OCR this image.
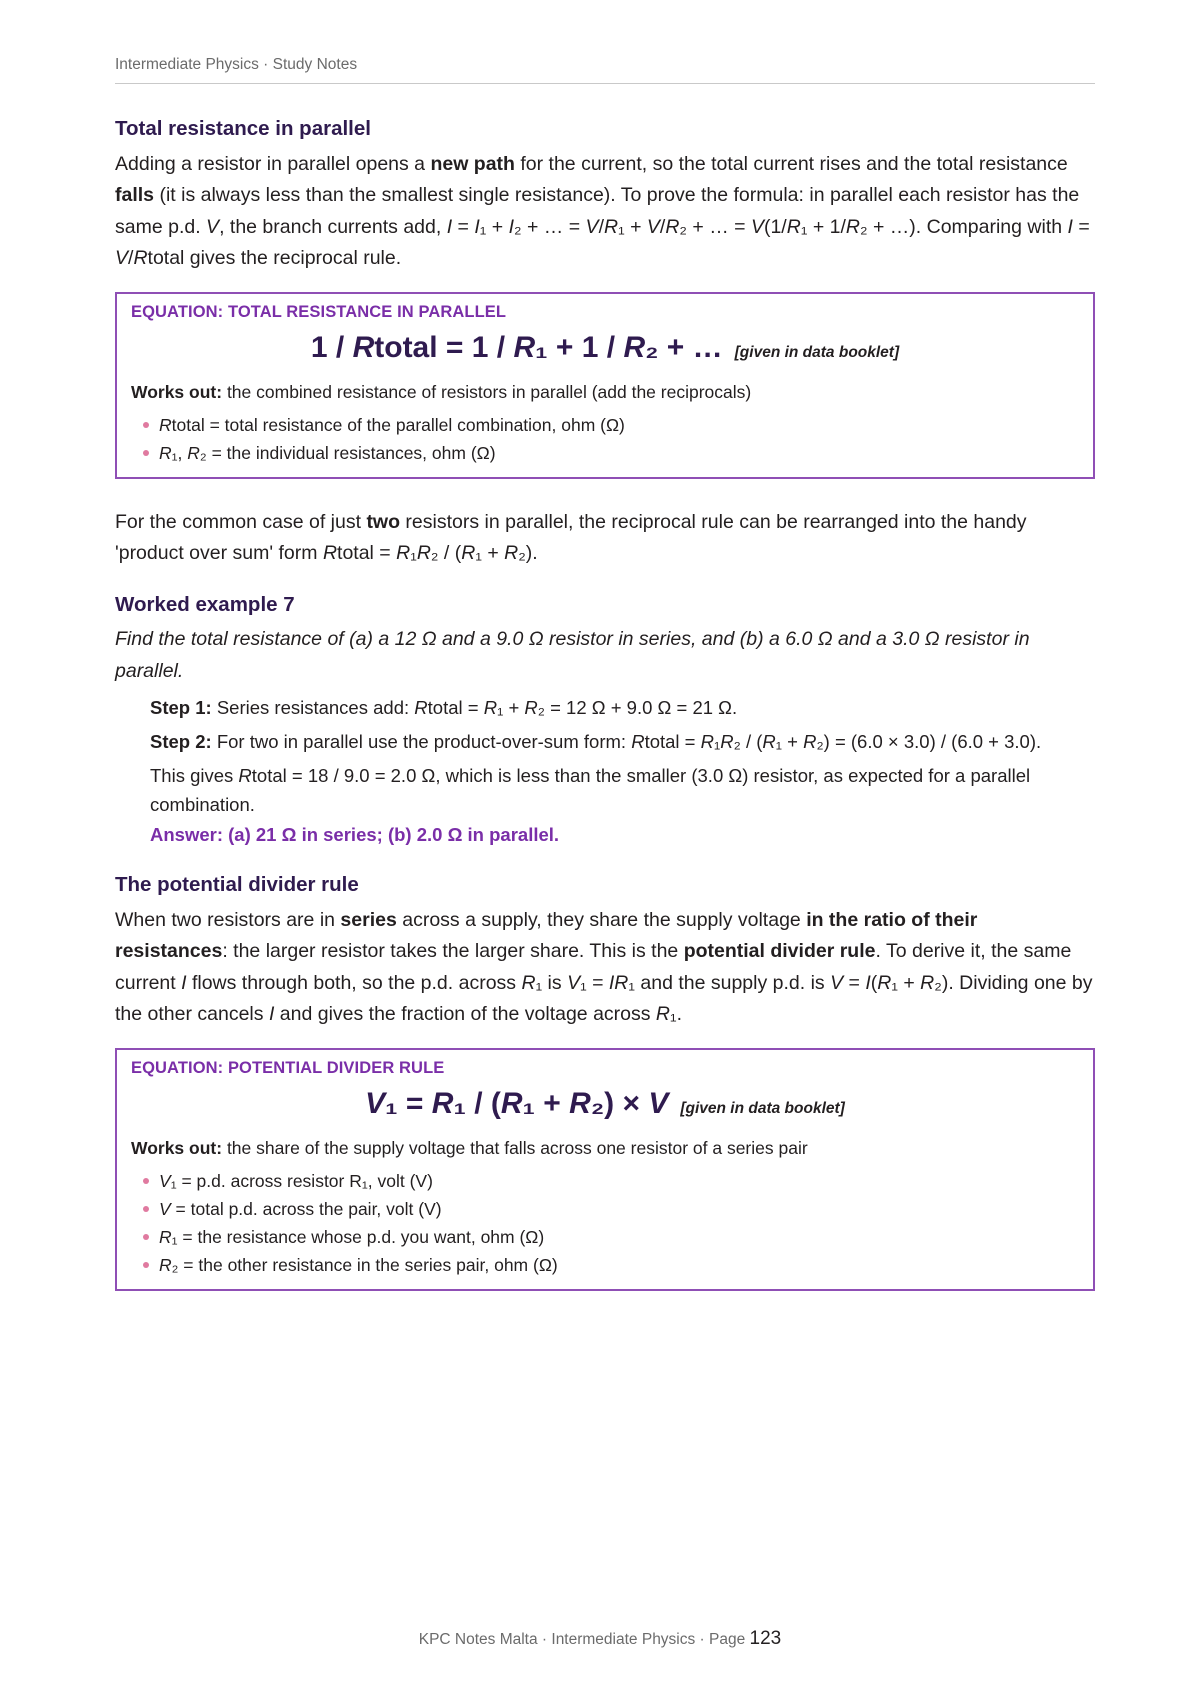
Intermediate Physics · Study Notes
Total resistance in parallel

Adding a resistor in parallel opens a new path for the current, so the total current rises and the total resistance falls (it is always less than the smallest single resistance). To prove the formula: in parallel each resistor has the same p.d. V, the branch currents add, I = I₁ + I₂ + … = V/R₁ + V/R₂ + … = V(1/R₁ + 1/R₂ + …). Comparing with I = V/Rtotal gives the reciprocal rule.

EQUATION: TOTAL RESISTANCE IN PARALLEL
1 / Rtotal = 1 / R₁ + 1 / R₂ + … [given in data booklet]
Works out: the combined resistance of resistors in parallel (add the reciprocals)
Rtotal = total resistance of the parallel combination, ohm (Ω)
R₁, R₂ = the individual resistances, ohm (Ω)

For the common case of just two resistors in parallel, the reciprocal rule can be rearranged into the handy 'product over sum' form Rtotal = R₁R₂ / (R₁ + R₂).

Worked example 7

Find the total resistance of (a) a 12 Ω and a 9.0 Ω resistor in series, and (b) a 6.0 Ω and a 3.0 Ω resistor in parallel.

Step 1: Series resistances add: Rtotal = R₁ + R₂ = 12 Ω + 9.0 Ω = 21 Ω.
Step 2: For two in parallel use the product-over-sum form: Rtotal = R₁R₂ / (R₁ + R₂) = (6.0 × 3.0) / (6.0 + 3.0).
This gives Rtotal = 18 / 9.0 = 2.0 Ω, which is less than the smaller (3.0 Ω) resistor, as expected for a parallel combination.
Answer: (a) 21 Ω in series; (b) 2.0 Ω in parallel.
The potential divider rule

When two resistors are in series across a supply, they share the supply voltage in the ratio of their resistances: the larger resistor takes the larger share. This is the potential divider rule. To derive it, the same current I flows through both, so the p.d. across R₁ is V₁ = IR₁ and the supply p.d. is V = I(R₁ + R₂). Dividing one by the other cancels I and gives the fraction of the voltage across R₁.

EQUATION: POTENTIAL DIVIDER RULE
V₁ = R₁ / (R₁ + R₂) × V [given in data booklet]
Works out: the share of the supply voltage that falls across one resistor of a series pair
V₁ = p.d. across resistor R₁, volt (V)
V = total p.d. across the pair, volt (V)
R₁ = the resistance whose p.d. you want, ohm (Ω)
R₂ = the other resistance in the series pair, ohm (Ω)
KPC Notes Malta · Intermediate Physics · Page 123
